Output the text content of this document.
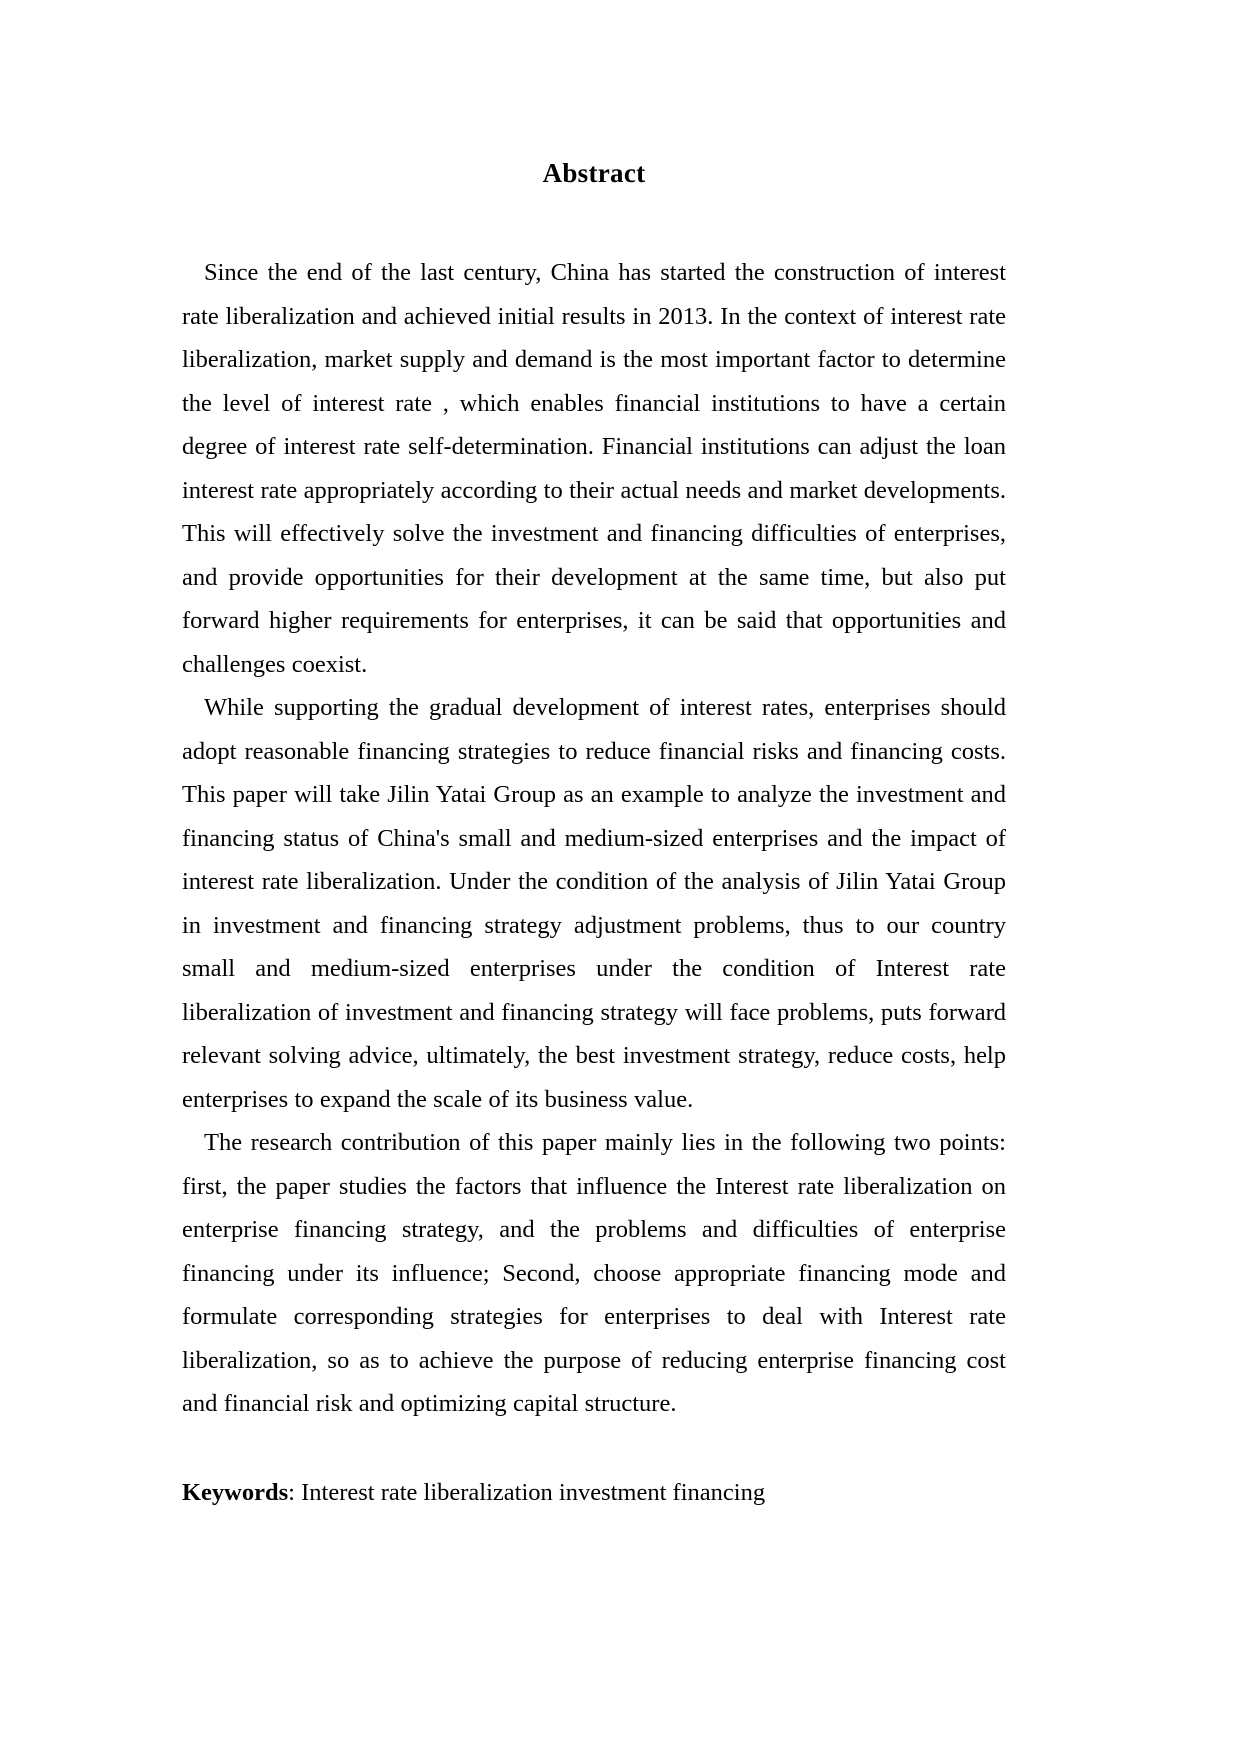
Abstract

Since the end of the last century, China has started the construction of interest rate liberalization and achieved initial results in 2013. In the context of interest rate liberalization, market supply and demand is the most important factor to determine the level of interest rate , which enables financial institutions to have a certain degree of interest rate self-determination. Financial institutions can adjust the loan interest rate appropriately according to their actual needs and market developments. This will effectively solve the investment and financing difficulties of enterprises, and provide opportunities for their development at the same time, but also put forward higher requirements for enterprises, it can be said that opportunities and challenges coexist.

While supporting the gradual development of interest rates, enterprises should adopt reasonable financing strategies to reduce financial risks and financing costs. This paper will take Jilin Yatai Group as an example to analyze the investment and financing status of China's small and medium-sized enterprises and the impact of interest rate liberalization. Under the condition of the analysis of Jilin Yatai Group in investment and financing strategy adjustment problems, thus to our country small and medium-sized enterprises under the condition of Interest rate liberalization of investment and financing strategy will face problems, puts forward relevant solving advice, ultimately, the best investment strategy, reduce costs, help enterprises to expand the scale of its business value.

The research contribution of this paper mainly lies in the following two points: first, the paper studies the factors that influence the Interest rate liberalization on enterprise financing strategy, and the problems and difficulties of enterprise financing under its influence; Second, choose appropriate financing mode and formulate corresponding strategies for enterprises to deal with Interest rate liberalization, so as to achieve the purpose of reducing enterprise financing cost and financial risk and optimizing capital structure.

Keywords: Interest rate liberalization investment financing
